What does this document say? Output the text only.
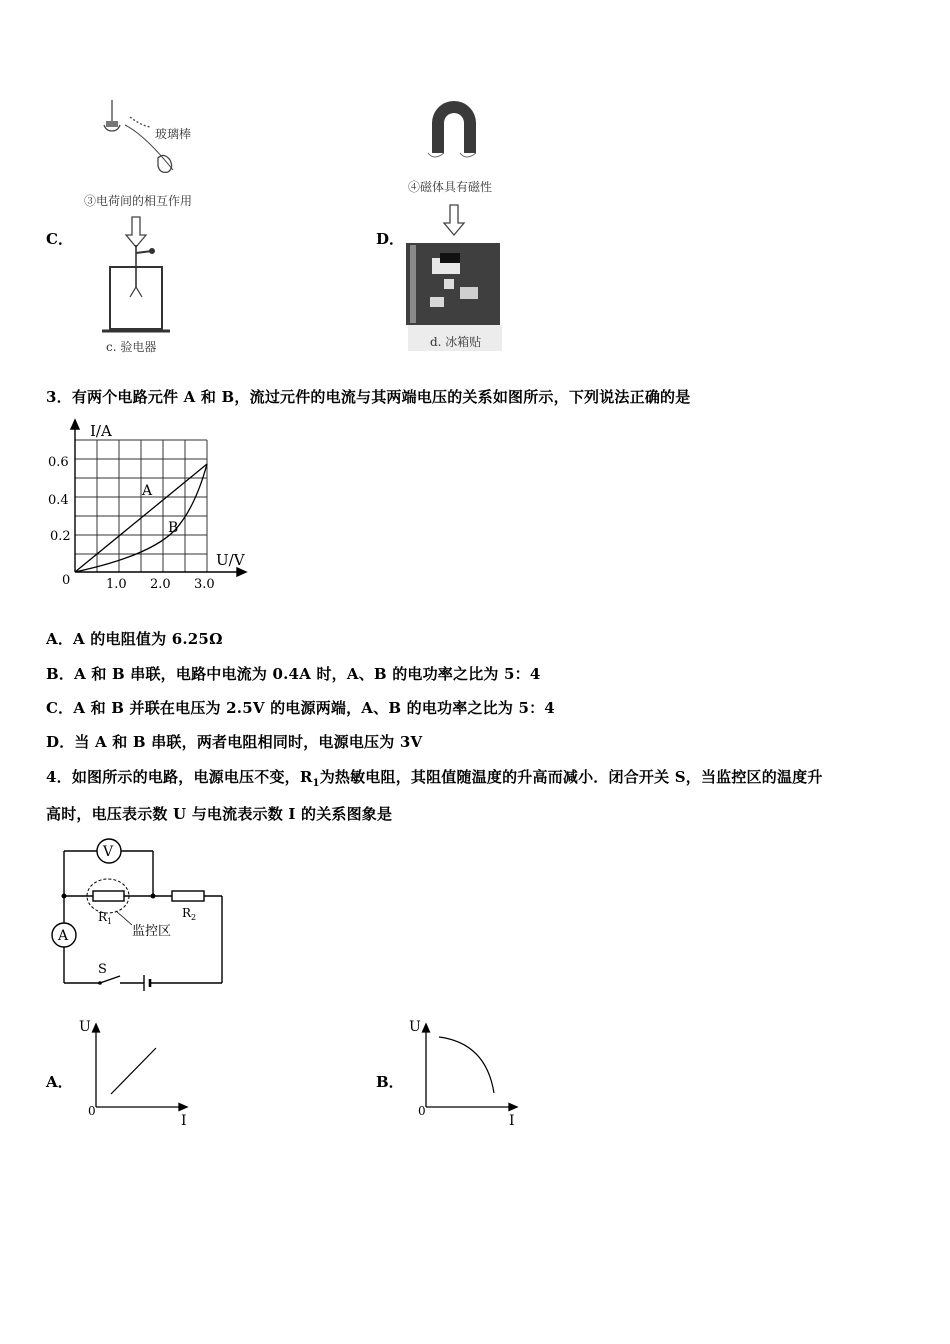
玻璃棒
③电荷间的相互作用
C．
c. 验电器
④磁体具有磁性
D．
d. 冰箱贴
3．有两个电路元件 A 和 B，流过元件的电流与其两端电压的关系如图所示，下列说法正确的是
I/A
U/V
0.6
0.4
0.2
0	1.0 2.0 3.0
A
B
A．A 的电阻值为 6.25Ω
B．A 和 B 串联，电路中电流为 0.4A 时，A、B 的电功率之比为 5：4
C．A 和 B 并联在电压为 2.5V 的电源两端，A、B 的电功率之比为 5：4
D．当 A 和 B 串联，两者电阻相同时，电源电压为 3V
4．如图所示的电路，电源电压不变，$R_1$为热敏电阻，其阻值随温度的升高而减小．闭合开关 S，当监控区的温度升
高时，电压表示数 U 与电流表示数 I 的关系图象是
V
A
$R_1$
$R_2$
监控区
S
A．
U
0
I
B．
U
0
I
